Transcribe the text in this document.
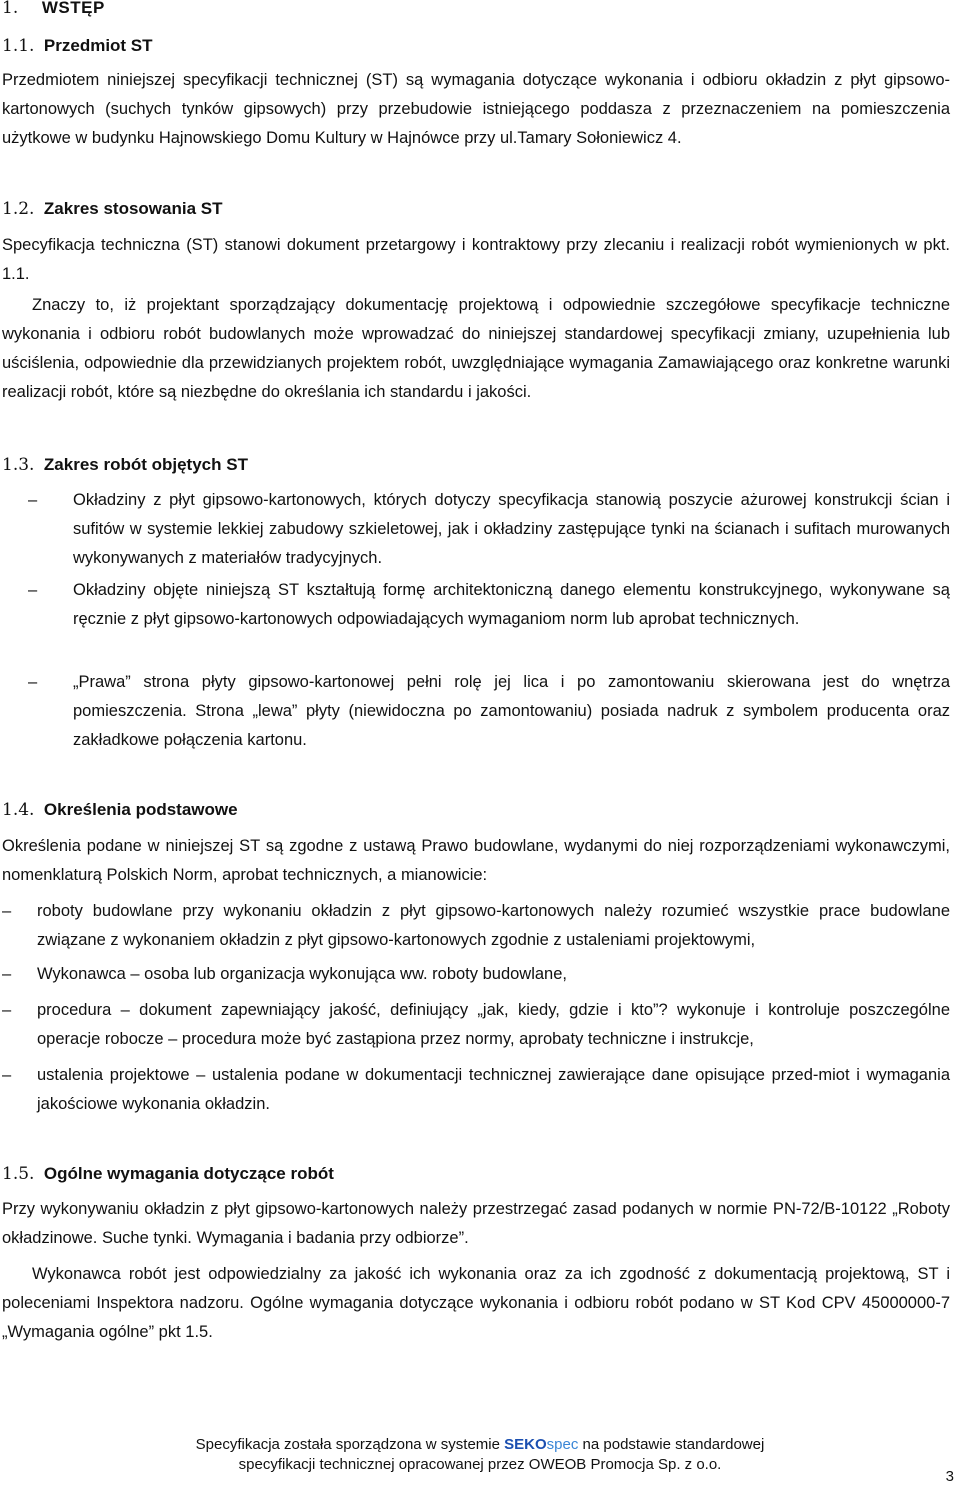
1. WSTĘP
1.1. Przedmiot ST

Przedmiotem niniejszej specyfikacji technicznej (ST) są wymagania dotyczące wykonania i odbioru okładzin z płyt gipsowo-kartonowych (suchych tynków gipsowych) przy przebudowie istniejącego poddasza z przeznaczeniem na pomieszczenia użytkowe w budynku Hajnowskiego Domu Kultury w Hajnówce przy ul.Tamary Sołoniewicz 4.

1.2. Zakres stosowania ST

Specyfikacja techniczna (ST) stanowi dokument przetargowy i kontraktowy przy zlecaniu i realizacji robót wymienionych w pkt. 1.1.

Znaczy to, iż projektant sporządzający dokumentację projektową i odpowiednie szczegółowe specyfikacje techniczne wykonania i odbioru robót budowlanych może wprowadzać do niniejszej standardowej specyfikacji zmiany, uzupełnienia lub uściślenia, odpowiednie dla przewidzianych projektem robót, uwzględniające wymagania Zamawiającego oraz konkretne warunki realizacji robót, które są niezbędne do określania ich standardu i jakości.

1.3. Zakres robót objętych ST
– Okładziny z płyt gipsowo-kartonowych, których dotyczy specyfikacja stanowią poszycie ażurowej konstrukcji ścian i sufitów w systemie lekkiej zabudowy szkieletowej, jak i okładziny zastępujące tynki na ścianach i sufitach murowanych wykonywanych z materiałów tradycyjnych.

– Okładziny objęte niniejszą ST kształtują formę architektoniczną danego elementu konstrukcyjnego, wykonywane są ręcznie z płyt gipsowo-kartonowych odpowiadających wymaganiom norm lub aprobat technicznych.

– „Prawa” strona płyty gipsowo-kartonowej pełni rolę jej lica i po zamontowaniu skierowana jest do wnętrza pomieszczenia. Strona „lewa” płyty (niewidoczna po zamontowaniu) posiada nadruk z symbolem producenta oraz zakładkowe połączenia kartonu.

1.4. Określenia podstawowe

Określenia podane w niniejszej ST są zgodne z ustawą Prawo budowlane, wydanymi do niej rozporządzeniami wykonawczymi, nomenklaturą Polskich Norm, aprobat technicznych, a mianowicie:

– roboty budowlane przy wykonaniu okładzin z płyt gipsowo-kartonowych należy rozumieć wszystkie prace budowlane związane z wykonaniem okładzin z płyt gipsowo-kartonowych zgodnie z ustaleniami projektowymi,

– Wykonawca – osoba lub organizacja wykonująca ww. roboty budowlane,

– procedura – dokument zapewniający jakość, definiujący „jak, kiedy, gdzie i kto”? wykonuje i kontroluje poszczególne operacje robocze – procedura może być zastąpiona przez normy, aprobaty techniczne i instrukcje,

– ustalenia projektowe – ustalenia podane w dokumentacji technicznej zawierające dane opisujące przed-miot i wymagania jakościowe wykonania okładzin.

1.5. Ogólne wymagania dotyczące robót

Przy wykonywaniu okładzin z płyt gipsowo-kartonowych należy przestrzegać zasad podanych w normie PN-72/B-10122 „Roboty okładzinowe. Suche tynki. Wymagania i badania przy odbiorze”.

Wykonawca robót jest odpowiedzialny za jakość ich wykonania oraz za ich zgodność z dokumentacją projektową, ST i poleceniami Inspektora nadzoru. Ogólne wymagania dotyczące wykonania i odbioru robót podano w ST Kod CPV 45000000-7 „Wymagania ogólne” pkt 1.5.

Specyfikacja została sporządzona w systemie SEKOspec na podstawie standardowej
specyfikacji technicznej opracowanej przez OWEOB Promocja Sp. z o.o.
3
